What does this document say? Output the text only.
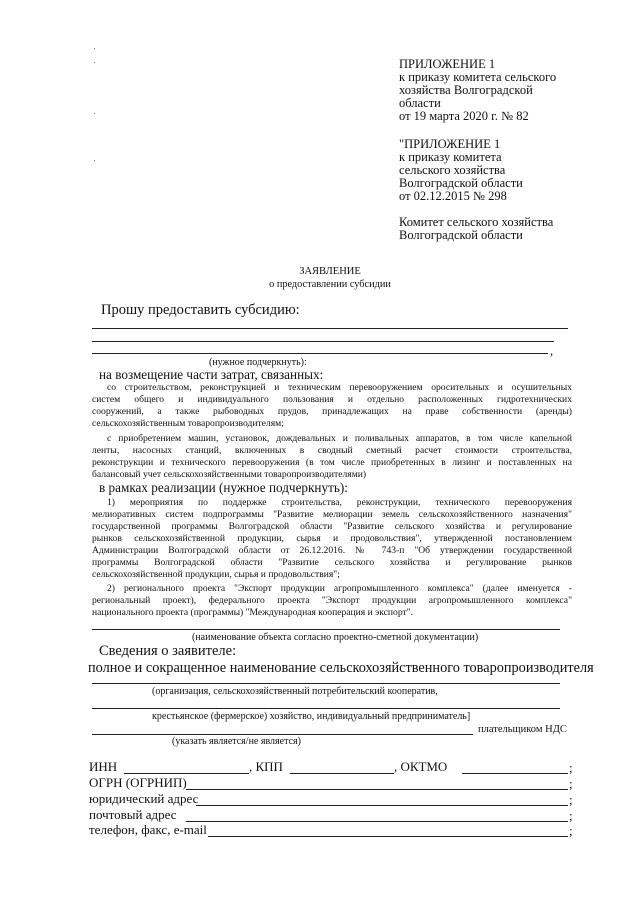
ПРИЛОЖЕНИЕ 1
к приказу комитета сельского
хозяйства Волгоградской
области
от 19 марта 2020 г. № 82
"ПРИЛОЖЕНИЕ 1
к приказу комитета
сельского хозяйства
Волгоградской области
от 02.12.2015 № 298
Комитет сельского хозяйства
Волгоградской области
ЗАЯВЛЕНИЕ
о предоставлении субсидии
Прошу предоставить субсидию:
,
(нужное подчеркнуть):
на возмещение части затрат, связанных:
со строительством, реконструкцией и техническим перевооружением оросительных и осушительных
систем общего и индивидуального пользования и отдельно расположенных гидротехнических
сооружений, а также рыбоводных прудов, принадлежащих на праве собственности (аренды)
сельскохозяйственным товаропроизводителям;
с приобретением машин, установок, дождевальных и поливальных аппаратов, в том числе капельной
ленты, насосных станций, включенных в сводный сметный расчет стоимости строительства,
реконструкции и технического перевооружения (в том числе приобретенных в лизинг и поставленных на
балансовый учет сельскохозяйственными товаропроизводителями)
в рамках реализации (нужное подчеркнуть):
1) мероприятия по поддержке строительства, реконструкции, технического перевооружения
мелиоративных систем подпрограммы "Развитие мелиорации земель сельскохозяйственного назначения"
государственной программы Волгоградской области "Развитие сельского хозяйства и регулирование
рынков сельскохозяйственной продукции, сырья и продовольствия", утвержденной постановлением
Администрации Волгоградской области от 26.12.2016. № 743-п "Об утверждении государственной
программы Волгоградской области "Развитие сельского хозяйства и регулирование рынков
сельскохозяйственной продукции, сырья и продовольствия";
2) регионального проекта "Экспорт продукции агропромышленного комплекса" (далее именуется -
региональный проект), федерального проекта "Экспорт продукции агропромышленного комплекса"
национального проекта (программы) "Международная кооперация и экспорт".
(наименование объекта согласно проектно-сметной документации)
Сведения о заявителе:
полное и сокращенное наименование сельскохозяйственного товаропроизводителя
(организация, сельскохозяйственный потребительский кооператив,
крестьянское (фермерское) хозяйство, индивидуальный предприниматель]
плательщиком НДС
(указать является/не является)
ИНН	, КПП	, ОКТМО	;
ОГРН (ОГРНИП)	;
юридический адрес	;
почтовый адрес	;
телефон, факс, e-mail	;
